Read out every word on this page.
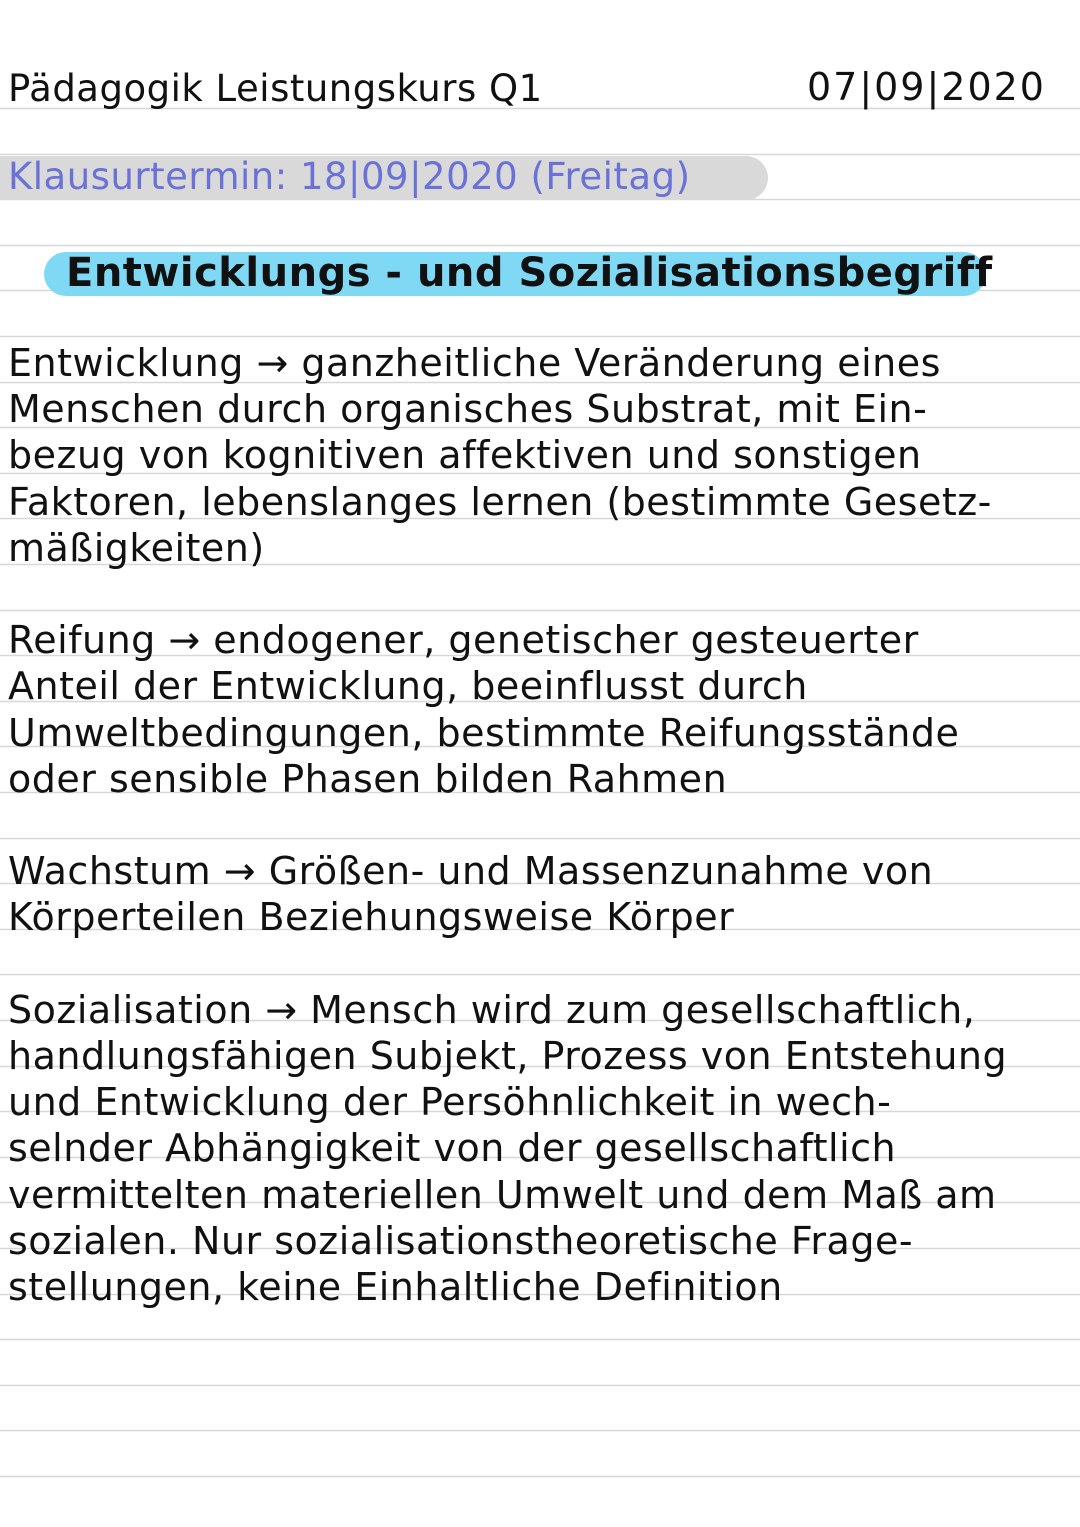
Pädagogik Leistungskurs Q1	07|09|2020
Klausurtermin: 18|09|2020 (Freitag)
Entwicklungs - und Sozialisationsbegriff
Entwicklung → ganzheitliche Veränderung eines
Menschen durch organisches Substrat, mit Ein-
bezug von kognitiven affektiven und sonstigen
Faktoren, lebenslanges lernen (bestimmte Gesetz-
mäßigkeiten)
Reifung → endogener, genetischer gesteuerter
Anteil der Entwicklung, beeinflusst durch
Umweltbedingungen, bestimmte Reifungsstände
oder sensible Phasen bilden Rahmen
Wachstum → Größen- und Massenzunahme von
Körperteilen Beziehungsweise Körper
Sozialisation → Mensch wird zum gesellschaftlich,
handlungsfähigen Subjekt, Prozess von Entstehung
und Entwicklung der Persöhnlichkeit in wech-
selnder Abhängigkeit von der gesellschaftlich
vermittelten materiellen Umwelt und dem Maß am
sozialen. Nur sozialisationstheoretische Frage-
stellungen, keine Einhaltliche Definition
